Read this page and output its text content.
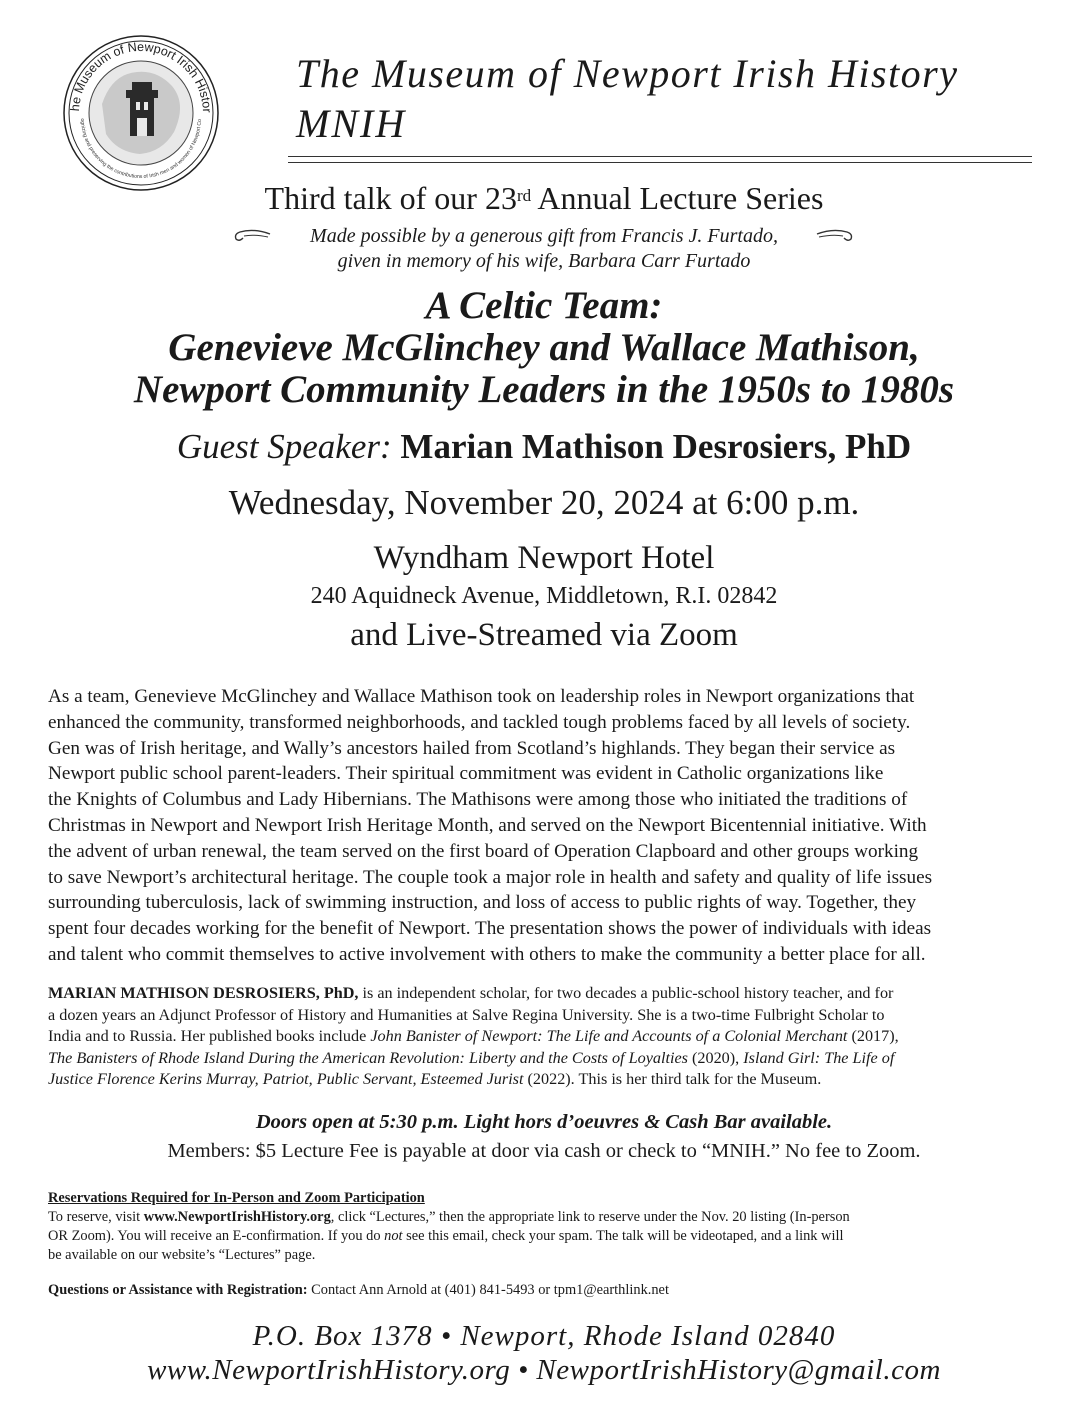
he Museum of Newport Irish Histor
ognizing and preserving the contributions of Irish men and women of Newport Co
The Museum of Newport Irish History
MNIH
Third talk of our 23rd Annual Lecture Series
Made possible by a generous gift from Francis J. Furtado,
given in memory of his wife, Barbara Carr Furtado
A Celtic Team:
Genevieve McGlinchey and Wallace Mathison,
Newport Community Leaders in the 1950s to 1980s
Guest Speaker: Marian Mathison Desrosiers, PhD
Wednesday, November 20, 2024 at 6:00 p.m.
Wyndham Newport Hotel
240 Aquidneck Avenue, Middletown, R.I. 02842
and Live-Streamed via Zoom
As a team, Genevieve McGlinchey and Wallace Mathison took on leadership roles in Newport organizations that
enhanced the community, transformed neighborhoods, and tackled tough problems faced by all levels of society.
Gen was of Irish heritage, and Wally’s ancestors hailed from Scotland’s highlands. They began their service as
Newport public school parent-leaders. Their spiritual commitment was evident in Catholic organizations like
the Knights of Columbus and Lady Hibernians. The Mathisons were among those who initiated the traditions of
Christmas in Newport and Newport Irish Heritage Month, and served on the Newport Bicentennial initiative. With
the advent of urban renewal, the team served on the first board of Operation Clapboard and other groups working
to save Newport’s architectural heritage. The couple took a major role in health and safety and quality of life issues
surrounding tuberculosis, lack of swimming instruction, and loss of access to public rights of way. Together, they
spent four decades working for the benefit of Newport. The presentation shows the power of individuals with ideas
and talent who commit themselves to active involvement with others to make the community a better place for all.
MARIAN MATHISON DESROSIERS, PhD, is an independent scholar, for two decades a public-school history teacher, and for
a dozen years an Adjunct Professor of History and Humanities at Salve Regina University. She is a two-time Fulbright Scholar to
India and to Russia. Her published books include John Banister of Newport: The Life and Accounts of a Colonial Merchant (2017),
The Banisters of Rhode Island During the American Revolution: Liberty and the Costs of Loyalties (2020), Island Girl: The Life of
Justice Florence Kerins Murray, Patriot, Public Servant, Esteemed Jurist (2022). This is her third talk for the Museum.
Doors open at 5:30 p.m. Light hors d’oeuvres & Cash Bar available.
Members: $5 Lecture Fee is payable at door via cash or check to “MNIH.” No fee to Zoom.
Reservations Required for In-Person and Zoom Participation
To reserve, visit www.NewportIrishHistory.org, click “Lectures,” then the appropriate link to reserve under the Nov. 20 listing (In-person
OR Zoom). You will receive an E-confirmation. If you do not see this email, check your spam. The talk will be videotaped, and a link will
be available on our website’s “Lectures” page.
Questions or Assistance with Registration: Contact Ann Arnold at (401) 841-5493 or tpm1@earthlink.net
P.O. Box 1378 • Newport, Rhode Island 02840
www.NewportIrishHistory.org • NewportIrishHistory@gmail.com
